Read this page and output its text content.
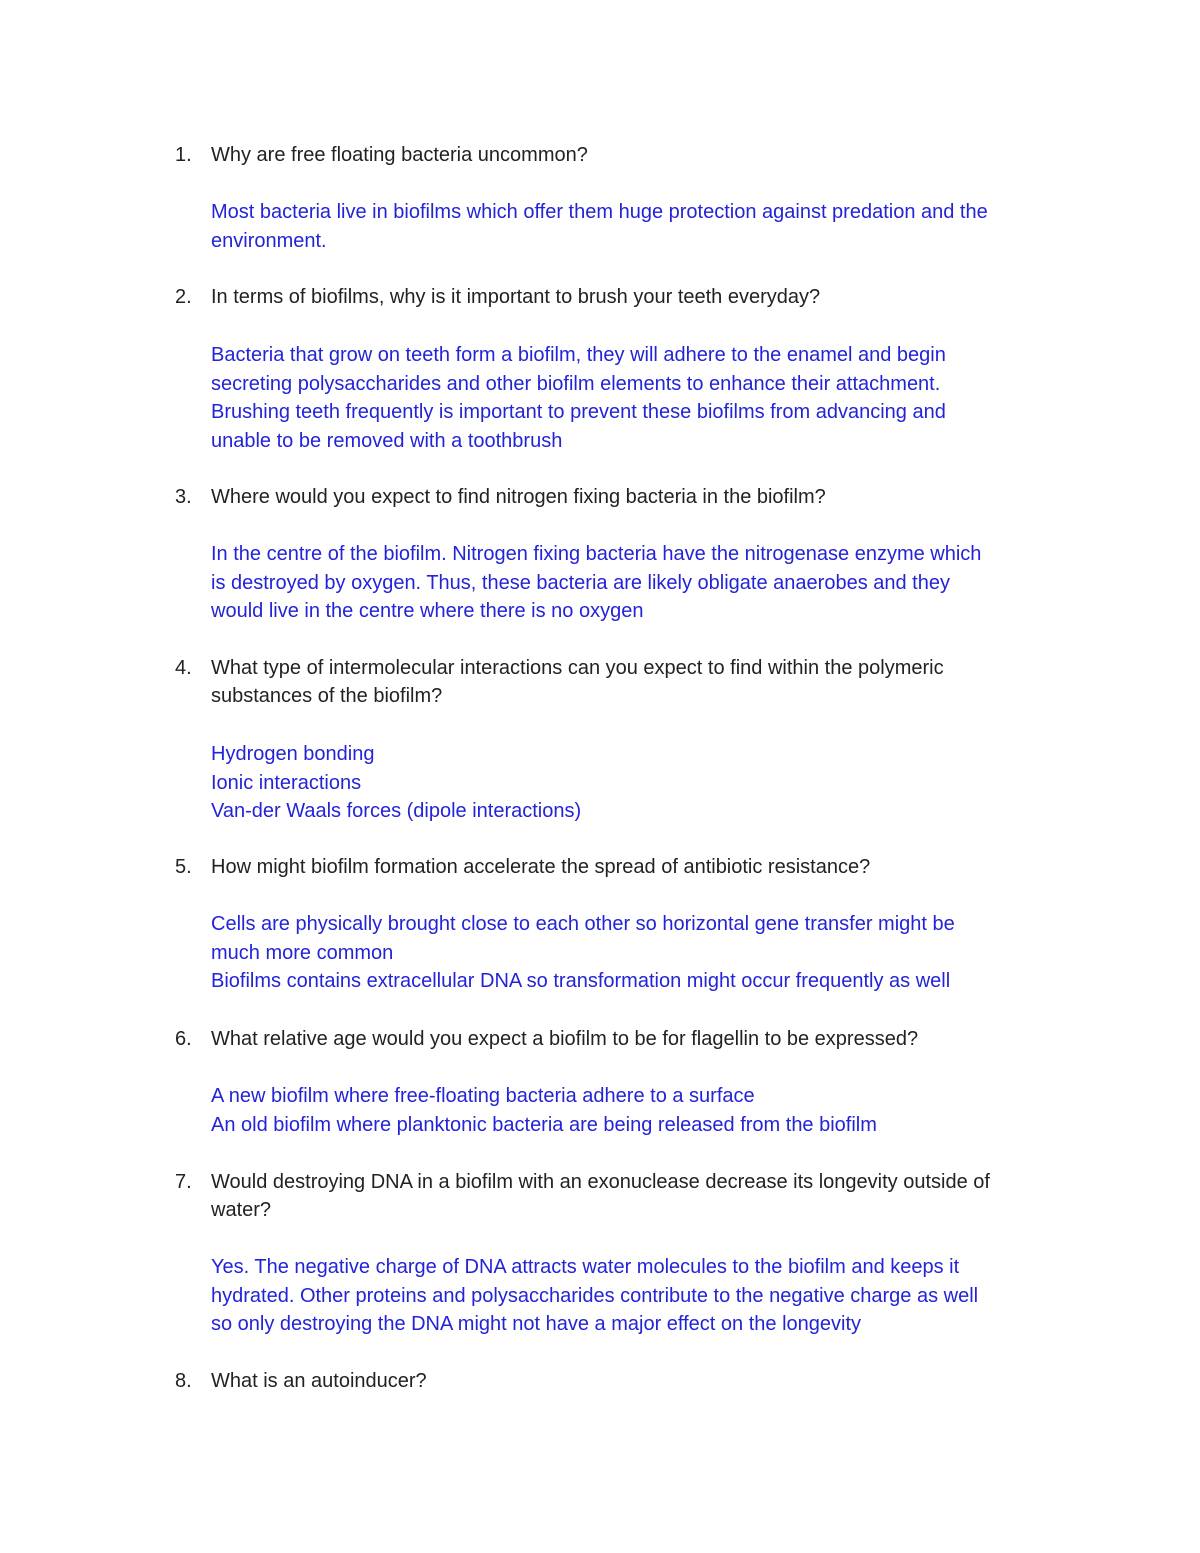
1. Why are free floating bacteria uncommon?
Most bacteria live in biofilms which offer them huge protection against predation and the
environment.
2. In terms of biofilms, why is it important to brush your teeth everyday?
Bacteria that grow on teeth form a biofilm, they will adhere to the enamel and begin
secreting polysaccharides and other biofilm elements to enhance their attachment.
Brushing teeth frequently is important to prevent these biofilms from advancing and
unable to be removed with a toothbrush
3. Where would you expect to find nitrogen fixing bacteria in the biofilm?
In the centre of the biofilm. Nitrogen fixing bacteria have the nitrogenase enzyme which
is destroyed by oxygen. Thus, these bacteria are likely obligate anaerobes and they
would live in the centre where there is no oxygen
4. What type of intermolecular interactions can you expect to find within the polymeric
substances of the biofilm?
Hydrogen bonding
Ionic interactions
Van-der Waals forces (dipole interactions)
5. How might biofilm formation accelerate the spread of antibiotic resistance?
Cells are physically brought close to each other so horizontal gene transfer might be
much more common
Biofilms contains extracellular DNA so transformation might occur frequently as well
6. What relative age would you expect a biofilm to be for flagellin to be expressed?
A new biofilm where free-floating bacteria adhere to a surface
An old biofilm where planktonic bacteria are being released from the biofilm
7. Would destroying DNA in a biofilm with an exonuclease decrease its longevity outside of
water?
Yes. The negative charge of DNA attracts water molecules to the biofilm and keeps it
hydrated. Other proteins and polysaccharides contribute to the negative charge as well
so only destroying the DNA might not have a major effect on the longevity
8. What is an autoinducer?
